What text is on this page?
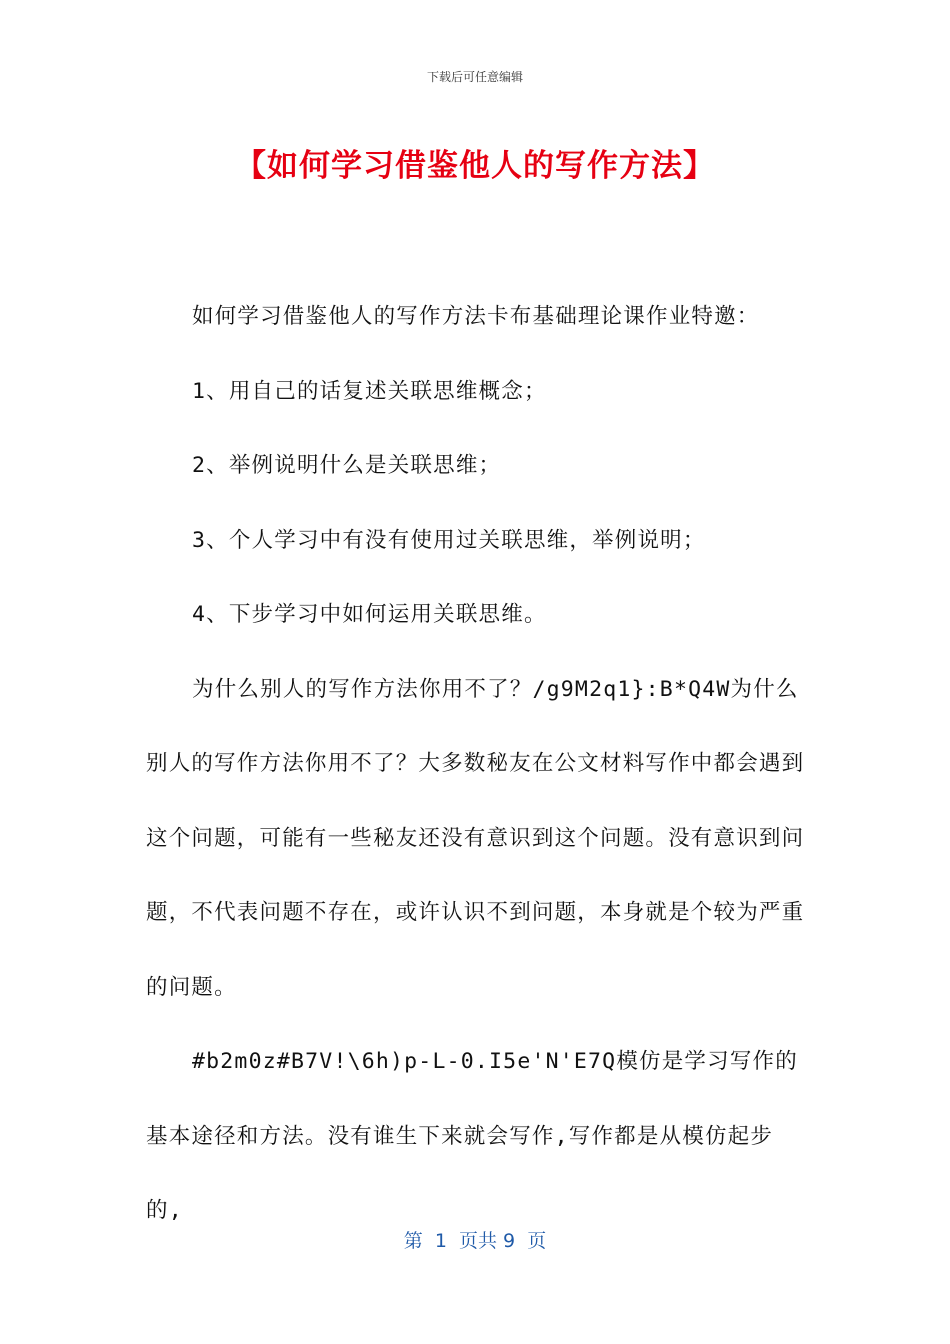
下载后可任意编辑
【如何学习借鉴他人的写作方法】

如何学习借鉴他人的写作方法卡布基础理论课作业特邀：

1、用自己的话复述关联思维概念；

2、举例说明什么是关联思维；

3、个人学习中有没有使用过关联思维，举例说明；

4、下步学习中如何运用关联思维。

为什么别人的写作方法你用不了？/g9M2q1}:B*Q4W为什么别人的写作方法你用不了？大多数秘友在公文材料写作中都会遇到这个问题，可能有一些秘友还没有意识到这个问题。没有意识到问题，不代表问题不存在，或许认识不到问题，本身就是个较为严重的问题。

#b2m0z#B7V!\6h)p-L-0.I5e'N'E7Q模仿是学习写作的基本途径和方法。没有谁生下来就会写作,写作都是从模仿起步的,

第  1  页共 9  页
